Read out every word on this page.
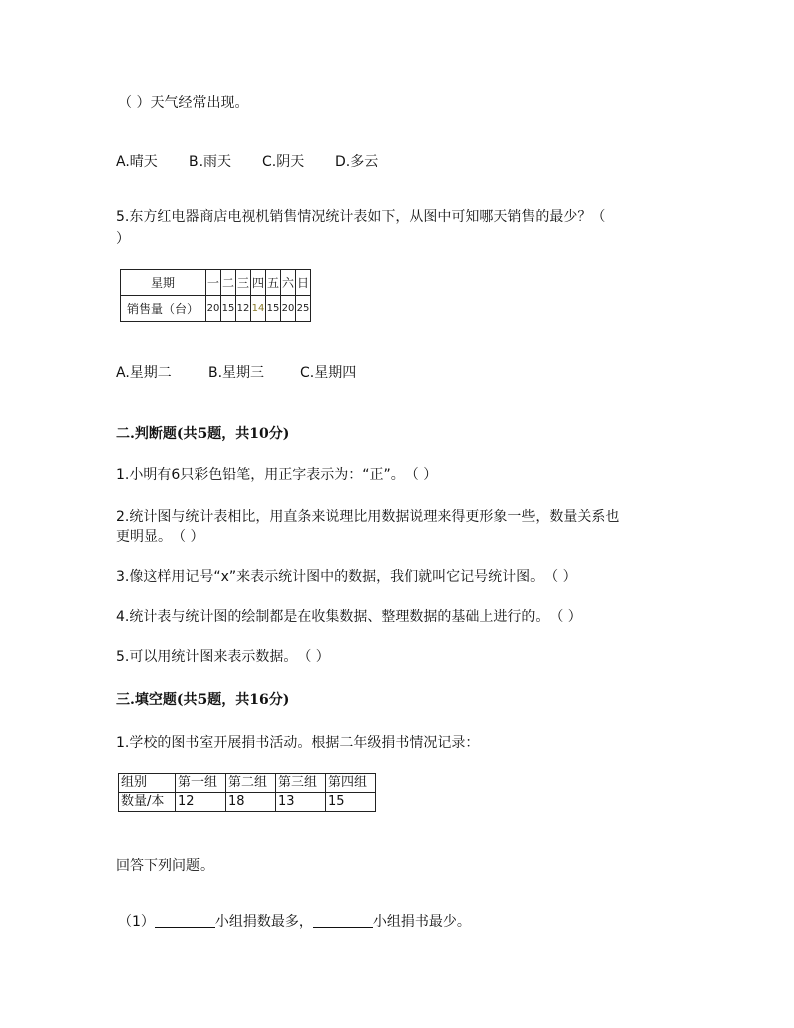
（ ）天气经常出现。
A.晴天 B.雨天 C.阴天 D.多云
5.东方红电器商店电视机销售情况统计表如下，从图中可知哪天销售的最少？（
）
星期	一	二	三	四	五	六	日
销售量（台）	20	15	12	14	15	20	25
A.星期二	B.星期三	C.星期四
二.判断题(共5题，共10分)
1.小明有6只彩色铅笔，用正字表示为：“正”。　（ ）
2.统计图与统计表相比，用直条来说理比用数据说理来得更形象一些，数量关系也
更明显。　（ ）
3.像这样用记号“x”来表示统计图中的数据，我们就叫它记号统计图。　（ ）
4.统计表与统计图的绘制都是在收集数据、整理数据的基础上进行的。　（ ）
5.可以用统计图来表示数据。　（ ）
三.填空题(共5题，共16分)
1.学校的图书室开展捐书活动。根据二年级捐书情况记录：
组别	第一组	第二组	第三组	第四组
数量/本	12	18	13	15
回答下列问题。
（1）	小组捐数最多，	小组捐书最少。
